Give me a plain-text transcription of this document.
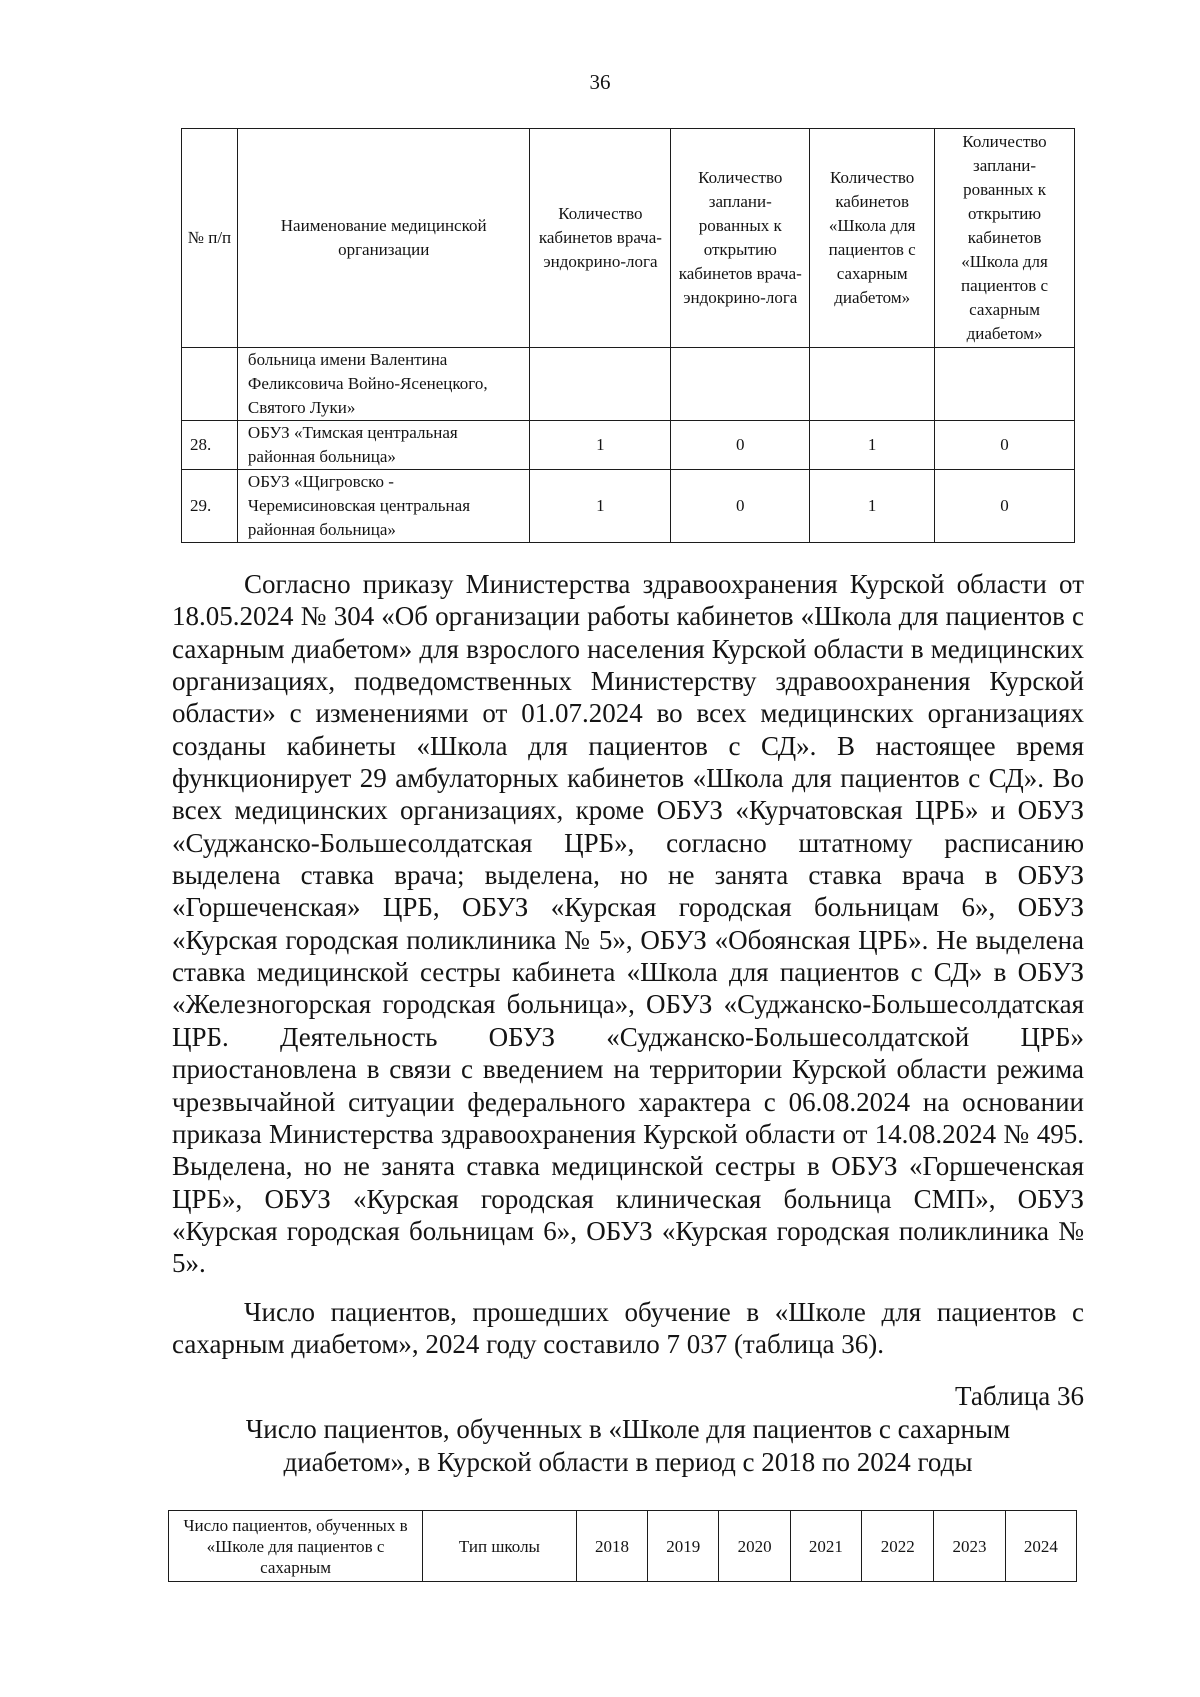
36
№ п/п	Наименование медицинской организации	Количество кабинетов врача-эндокрино-лога	Количество заплани-рованных к открытию кабинетов врача-эндокрино-лога	Количество кабинетов «Школа для пациентов с сахарным диабетом»	Количество заплани-рованных к открытию кабинетов «Школа для пациентов с сахарным диабетом»
	больница имени Валентина Феликсовича Войно-Ясенецкого, Святого Луки»				
28.	ОБУЗ «Тимская центральная районная больница»	1	0	1	0
29.	ОБУЗ «Щигровско - Черемисиновская центральная районная больница»	1	0	1	0

Согласно приказу Министерства здравоохранения Курской области от 18.05.2024 № 304 «Об организации работы кабинетов «Школа для пациентов с сахарным диабетом» для взрослого населения Курской области в медицинских организациях, подведомственных Министерству здравоохранения Курской области» с изменениями от 01.07.2024 во всех медицинских организациях созданы кабинеты «Школа для пациентов с СД». В настоящее время функционирует 29 амбулаторных кабинетов «Школа для пациентов с СД». Во всех медицинских организациях, кроме ОБУЗ «Курчатовская ЦРБ» и ОБУЗ «Суджанско-Большесолдатская ЦРБ», согласно штатному расписанию выделена ставка врача; выделена, но не занята ставка врача в ОБУЗ «Горшеченская» ЦРБ, ОБУЗ «Курская городская больницам 6», ОБУЗ «Курская городская поликлиника № 5», ОБУЗ «Обоянская ЦРБ». Не выделена ставка медицинской сестры кабинета «Школа для пациентов с СД» в ОБУЗ «Железногорская городская больница», ОБУЗ «Суджанско-Большесолдатская ЦРБ. Деятельность ОБУЗ «Суджанско-Большесолдатской ЦРБ» приостановлена в связи с введением на территории Курской области режима чрезвычайной ситуации федерального характера с 06.08.2024 на основании приказа Министерства здравоохранения Курской области от 14.08.2024 № 495. Выделена, но не занята ставка медицинской сестры в ОБУЗ «Горшеченская ЦРБ», ОБУЗ «Курская городская клиническая больница СМП», ОБУЗ «Курская городская больницам 6», ОБУЗ «Курская городская поликлиника № 5».

Число пациентов, прошедших обучение в «Школе для пациентов с сахарным диабетом», 2024 году составило 7 037 (таблица 36).

Таблица 36
Число пациентов, обученных в «Школе для пациентов с сахарным
диабетом», в Курской области в период с 2018 по 2024 годы
Число пациентов, обученных в «Школе для пациентов с сахарным	Тип школы	2018	2019	2020	2021	2022	2023	2024
